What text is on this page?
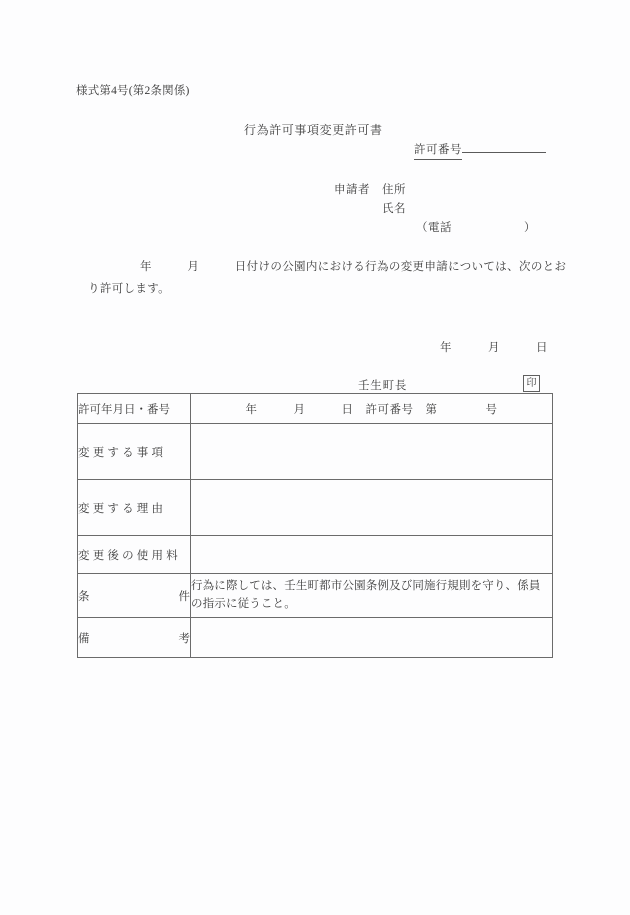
様式第4号(第2条関係)
行為許可事項変更許可書
許可番号
申請者 住所
氏名
（電話　　　　　　）
年　　　月　　　日付けの公園内における行為の変更申請については、次のとお
り許可します。
年　　　月　　　日
壬生町長	印
許可年月日・番号	年　　　月　　　日　許可番号　第　　　　号
変更する事項	
変更する理由	
変更後の使用料	

条 件	行為に際しては、壬生町都市公園条例及び同施行規則を守り、係員の指示に従うこと。

備 考	
